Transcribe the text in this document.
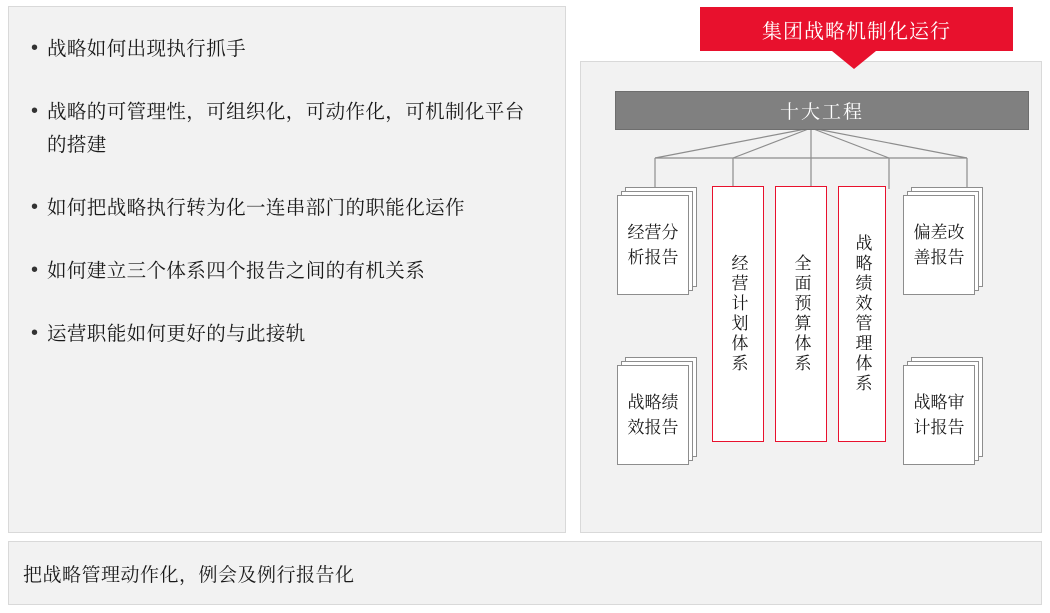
• 战略如何出现执行抓手
• 战略的可管理性，可组织化，可动作化，可机制化平台的搭建
• 如何把战略执行转为化一连串部门的职能化运作
• 如何建立三个体系四个报告之间的有机关系
• 运营职能如何更好的与此接轨
集团战略机制化运行
十大工程
经营分析报告
偏差改善报告
战略绩效报告
战略审计报告
经营计划体系	全面预算体系 战略绩效管理体系
把战略管理动作化，例会及例行报告化
